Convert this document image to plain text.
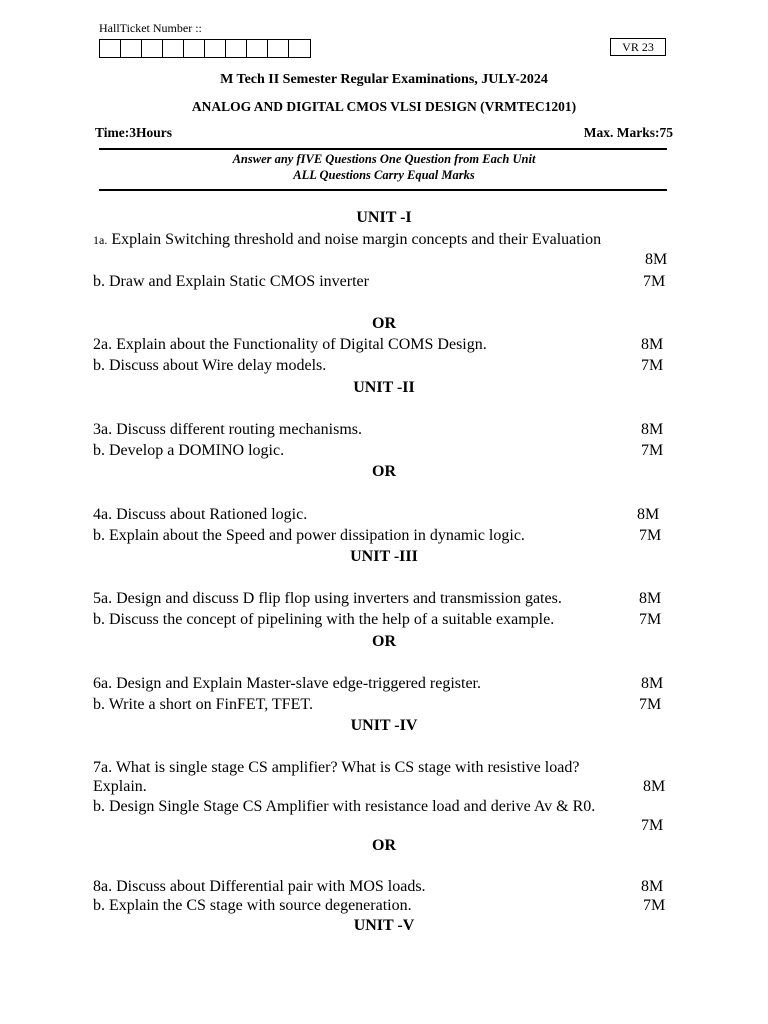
HallTicket Number ::
VR 23
M Tech II Semester Regular Examinations, JULY-2024
ANALOG AND DIGITAL CMOS VLSI DESIGN (VRMTEC1201)
Time:3Hours	Max. Marks:75
Answer any fIVE Questions One Question from Each Unit
ALL Questions Carry Equal Marks
UNIT -I
1a. Explain Switching threshold and noise margin concepts and their Evaluation
8M
b. Draw and Explain Static CMOS inverter	7M
OR
2a. Explain about the Functionality of Digital COMS Design.	8M
b. Discuss about Wire delay models.	7M
UNIT -II
3a. Discuss different routing mechanisms.	8M
b. Develop a DOMINO logic.	7M
OR
4a. Discuss about Rationed logic.	8M
b. Explain about the Speed and power dissipation in dynamic logic.	7M
UNIT -III
5a. Design and discuss D flip flop using inverters and transmission gates.	8M
b. Discuss the concept of pipelining with the help of a suitable example.	7M
OR
6a. Design and Explain Master-slave edge-triggered register.	8M
b. Write a short on FinFET, TFET.	7M
UNIT -IV
7a. What is single stage CS amplifier? What is CS stage with resistive load?
Explain.	8M
b. Design Single Stage CS Amplifier with resistance load and derive Av & R0.
7M
OR
8a. Discuss about Differential pair with MOS loads.	8M
b. Explain the CS stage with source degeneration.	7M
UNIT -V
